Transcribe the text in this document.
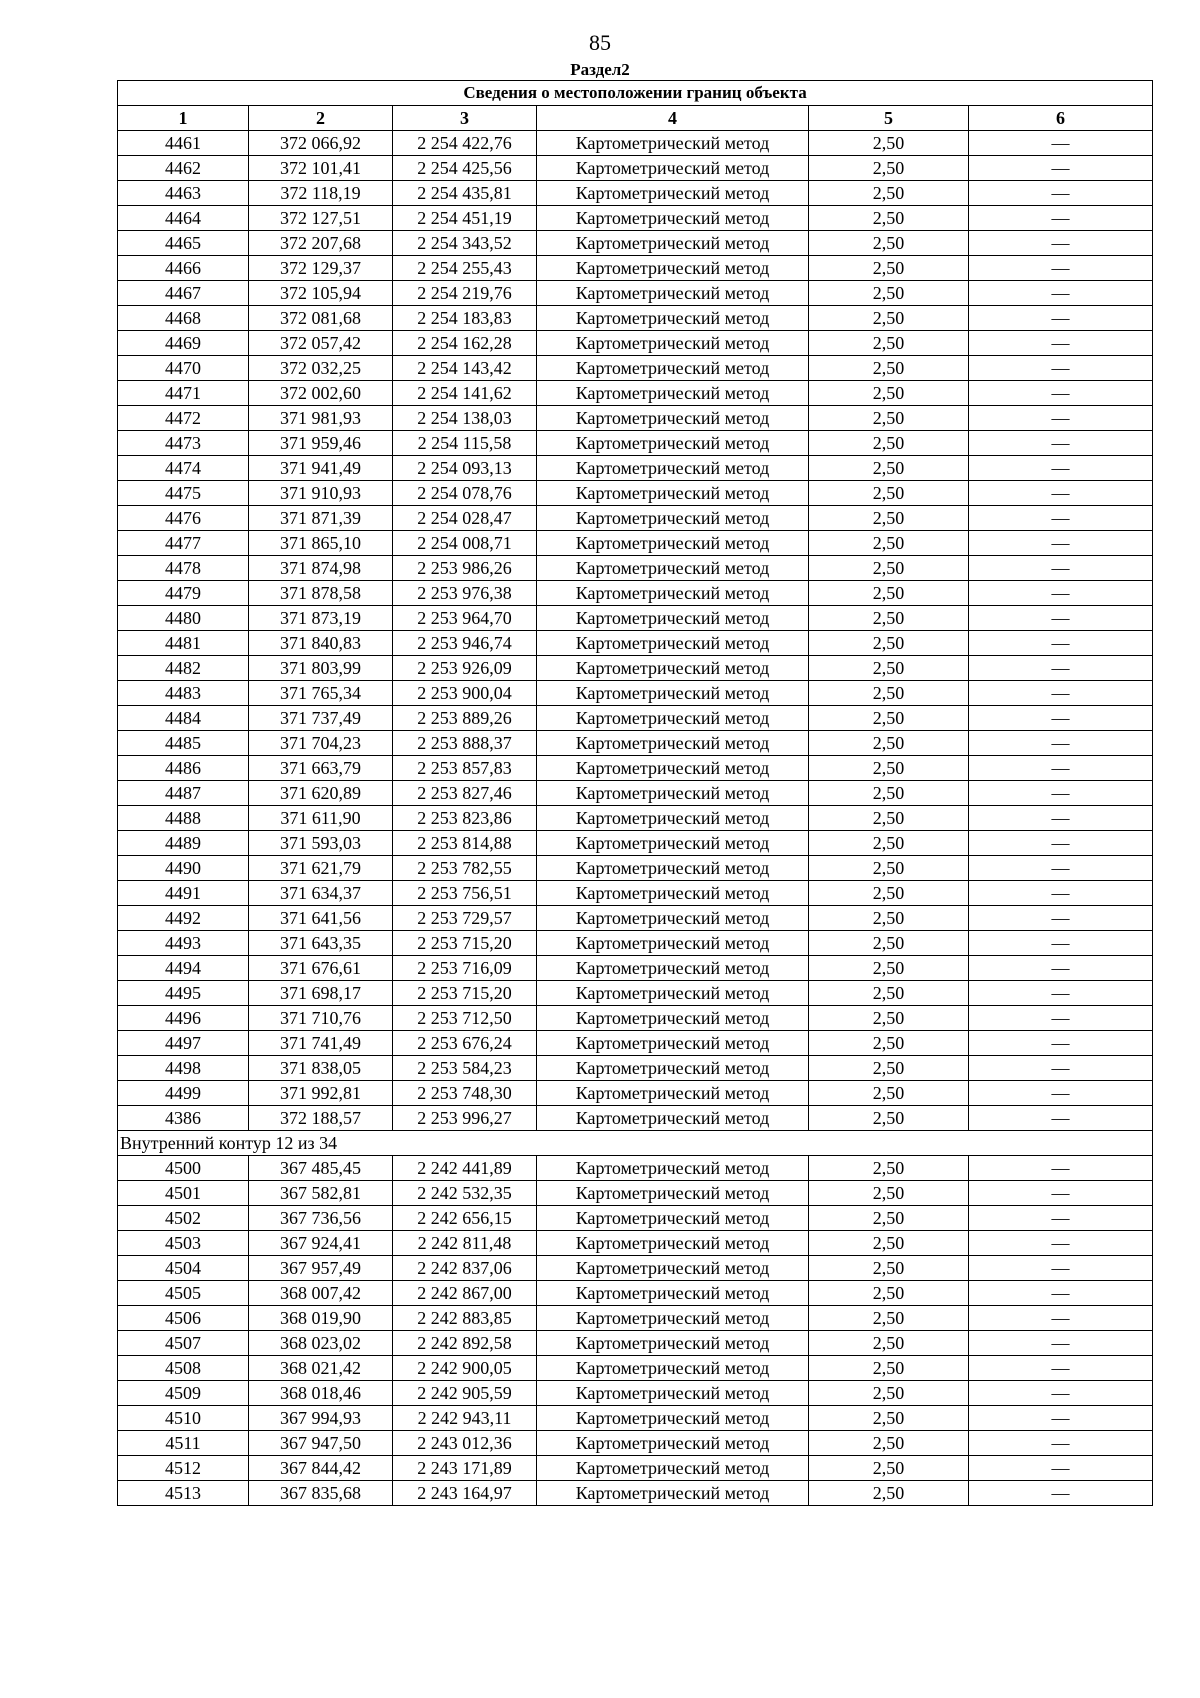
85
Раздел2
Сведения о местоположении границ объекта					
1	2	3	4	5	6
4461	372 066,92	2 254 422,76	Картометрический метод	2,50	—
4462	372 101,41	2 254 425,56	Картометрический метод	2,50	—
4463	372 118,19	2 254 435,81	Картометрический метод	2,50	—
4464	372 127,51	2 254 451,19	Картометрический метод	2,50	—
4465	372 207,68	2 254 343,52	Картометрический метод	2,50	—
4466	372 129,37	2 254 255,43	Картометрический метод	2,50	—
4467	372 105,94	2 254 219,76	Картометрический метод	2,50	—
4468	372 081,68	2 254 183,83	Картометрический метод	2,50	—
4469	372 057,42	2 254 162,28	Картометрический метод	2,50	—
4470	372 032,25	2 254 143,42	Картометрический метод	2,50	—
4471	372 002,60	2 254 141,62	Картометрический метод	2,50	—
4472	371 981,93	2 254 138,03	Картометрический метод	2,50	—
4473	371 959,46	2 254 115,58	Картометрический метод	2,50	—
4474	371 941,49	2 254 093,13	Картометрический метод	2,50	—
4475	371 910,93	2 254 078,76	Картометрический метод	2,50	—
4476	371 871,39	2 254 028,47	Картометрический метод	2,50	—
4477	371 865,10	2 254 008,71	Картометрический метод	2,50	—
4478	371 874,98	2 253 986,26	Картометрический метод	2,50	—
4479	371 878,58	2 253 976,38	Картометрический метод	2,50	—
4480	371 873,19	2 253 964,70	Картометрический метод	2,50	—
4481	371 840,83	2 253 946,74	Картометрический метод	2,50	—
4482	371 803,99	2 253 926,09	Картометрический метод	2,50	—
4483	371 765,34	2 253 900,04	Картометрический метод	2,50	—
4484	371 737,49	2 253 889,26	Картометрический метод	2,50	—
4485	371 704,23	2 253 888,37	Картометрический метод	2,50	—
4486	371 663,79	2 253 857,83	Картометрический метод	2,50	—
4487	371 620,89	2 253 827,46	Картометрический метод	2,50	—
4488	371 611,90	2 253 823,86	Картометрический метод	2,50	—
4489	371 593,03	2 253 814,88	Картометрический метод	2,50	—
4490	371 621,79	2 253 782,55	Картометрический метод	2,50	—
4491	371 634,37	2 253 756,51	Картометрический метод	2,50	—
4492	371 641,56	2 253 729,57	Картометрический метод	2,50	—
4493	371 643,35	2 253 715,20	Картометрический метод	2,50	—
4494	371 676,61	2 253 716,09	Картометрический метод	2,50	—
4495	371 698,17	2 253 715,20	Картометрический метод	2,50	—
4496	371 710,76	2 253 712,50	Картометрический метод	2,50	—
4497	371 741,49	2 253 676,24	Картометрический метод	2,50	—
4498	371 838,05	2 253 584,23	Картометрический метод	2,50	—
4499	371 992,81	2 253 748,30	Картометрический метод	2,50	—
4386	372 188,57	2 253 996,27	Картометрический метод	2,50	—
Внутренний контур 12 из 34					
4500	367 485,45	2 242 441,89	Картометрический метод	2,50	—
4501	367 582,81	2 242 532,35	Картометрический метод	2,50	—
4502	367 736,56	2 242 656,15	Картометрический метод	2,50	—
4503	367 924,41	2 242 811,48	Картометрический метод	2,50	—
4504	367 957,49	2 242 837,06	Картометрический метод	2,50	—
4505	368 007,42	2 242 867,00	Картометрический метод	2,50	—
4506	368 019,90	2 242 883,85	Картометрический метод	2,50	—
4507	368 023,02	2 242 892,58	Картометрический метод	2,50	—
4508	368 021,42	2 242 900,05	Картометрический метод	2,50	—
4509	368 018,46	2 242 905,59	Картометрический метод	2,50	—
4510	367 994,93	2 242 943,11	Картометрический метод	2,50	—
4511	367 947,50	2 243 012,36	Картометрический метод	2,50	—
4512	367 844,42	2 243 171,89	Картометрический метод	2,50	—
4513	367 835,68	2 243 164,97	Картометрический метод	2,50	—
